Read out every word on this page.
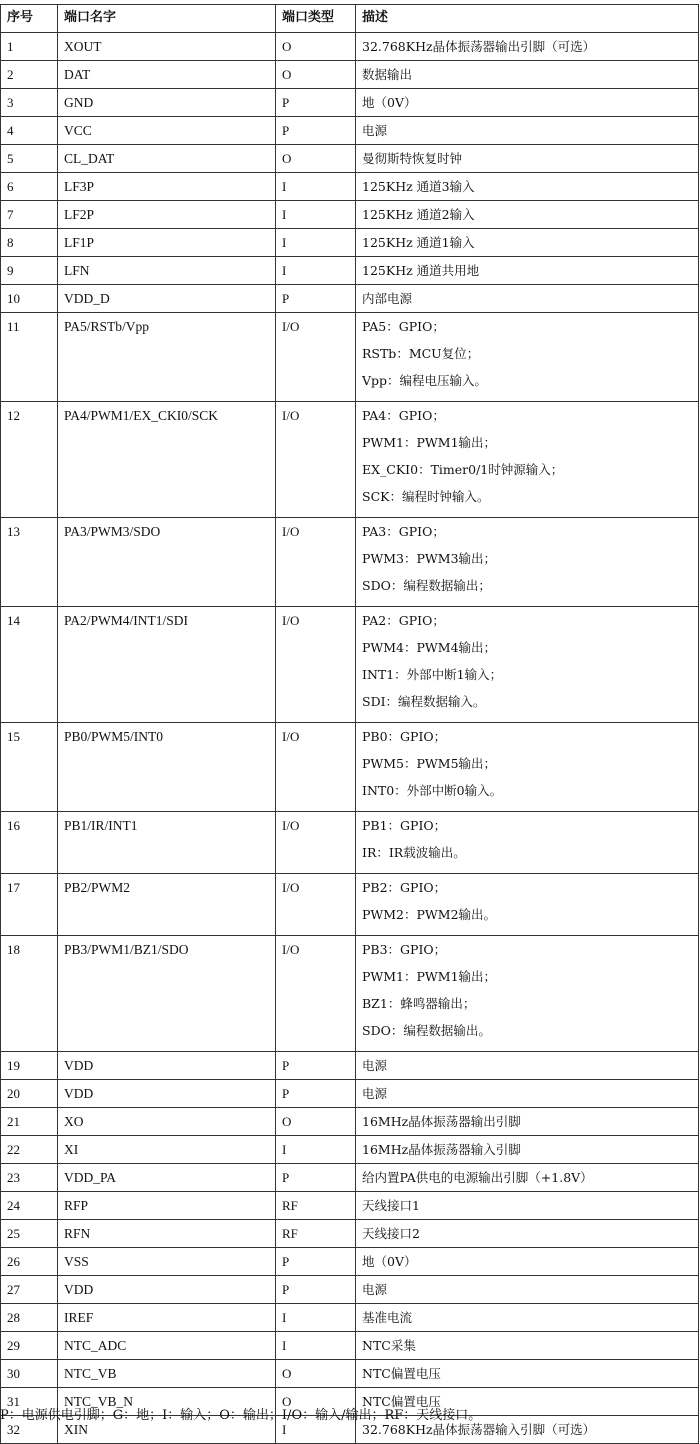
序号	端口名字	端口类型	描述
1	XOUT	O	32.768KHz晶体振荡器输出引脚（可选）

2	DAT	O	数据输出

3	GND	P	地（0V）

4	VCC	P	电源

5	CL_DAT	O	曼彻斯特恢复时钟

6	LF3P	I	125KHz 通道3输入

7	LF2P	I	125KHz 通道2输入

8	LF1P	I	125KHz 通道1输入

9	LFN	I	125KHz 通道共用地

10	VDD_D	P	内部电源

11	PA5/RSTb/Vpp	I/O	PA5：GPIO；
RSTb：MCU复位；
Vpp：编程电压输入。

12	PA4/PWM1/EX_CKI0/SCK	I/O	PA4：GPIO；
PWM1：PWM1输出；
EX_CKI0：Timer0/1时钟源输入；
SCK：编程时钟输入。

13	PA3/PWM3/SDO	I/O	PA3：GPIO；
PWM3：PWM3输出；
SDO：编程数据输出；

14	PA2/PWM4/INT1/SDI	I/O	PA2：GPIO；
PWM4：PWM4输出；
INT1：外部中断1输入；
SDI：编程数据输入。

15	PB0/PWM5/INT0	I/O	PB0：GPIO；
PWM5：PWM5输出；
INT0：外部中断0输入。

16	PB1/IR/INT1	I/O	PB1：GPIO；
IR：IR载波输出。

17	PB2/PWM2	I/O	PB2：GPIO；
PWM2：PWM2输出。

18	PB3/PWM1/BZ1/SDO	I/O	PB3：GPIO；
PWM1：PWM1输出；
BZ1：蜂鸣器输出；
SDO：编程数据输出。

19	VDD	P	电源

20	VDD	P	电源

21	XO	O	16MHz晶体振荡器输出引脚

22	XI	I	16MHz晶体振荡器输入引脚

23	VDD_PA	P	给内置PA供电的电源输出引脚（+1.8V）

24	RFP	RF	天线接口1

25	RFN	RF	天线接口2

26	VSS	P	地（0V）

27	VDD	P	电源

28	IREF	I	基准电流

29	NTC_ADC	I	NTC采集

30	NTC_VB	O	NTC偏置电压

31	NTC_VB_N	O	NTC偏置电压

32	XIN	I	32.768KHz晶体振荡器输入引脚（可选）
P：电源供电引脚；G：地；I：输入；O：输出；I/O：输入/输出；RF：天线接口。
